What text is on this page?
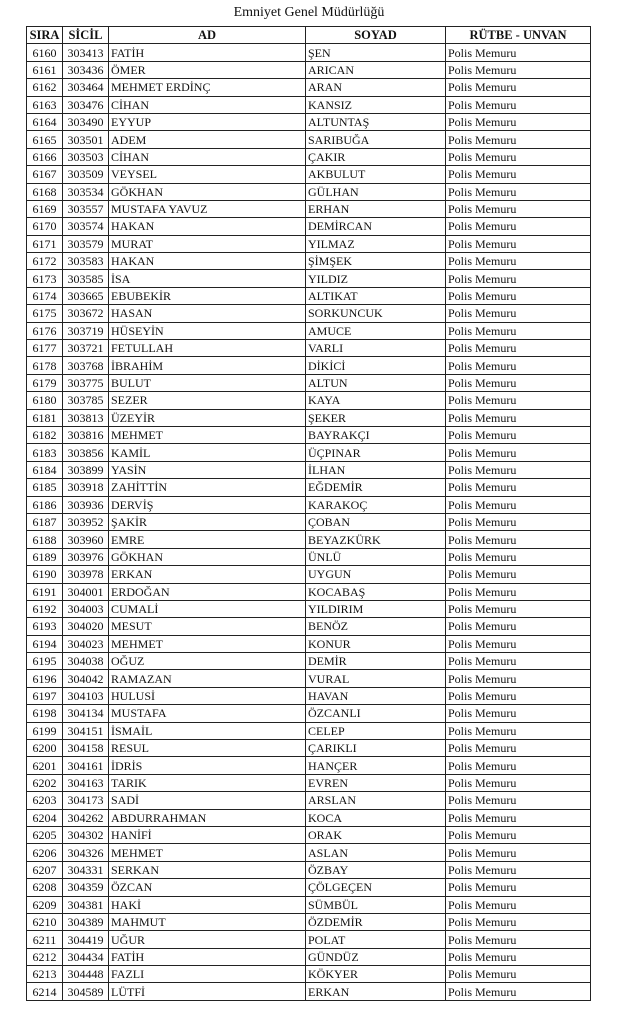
Emniyet Genel Müdürlüğü
SIRA	SİCİL	AD	SOYAD	RÜTBE - UNVAN
6160	303413	FATİH	ŞEN	Polis Memuru
6161	303436	ÖMER	ARICAN	Polis Memuru
6162	303464	MEHMET ERDİNÇ	ARAN	Polis Memuru
6163	303476	CİHAN	KANSIZ	Polis Memuru
6164	303490	EYYUP	ALTUNTAŞ	Polis Memuru
6165	303501	ADEM	SARIBUĞA	Polis Memuru
6166	303503	CİHAN	ÇAKIR	Polis Memuru
6167	303509	VEYSEL	AKBULUT	Polis Memuru
6168	303534	GÖKHAN	GÜLHAN	Polis Memuru
6169	303557	MUSTAFA YAVUZ	ERHAN	Polis Memuru
6170	303574	HAKAN	DEMİRCAN	Polis Memuru
6171	303579	MURAT	YILMAZ	Polis Memuru
6172	303583	HAKAN	ŞİMŞEK	Polis Memuru
6173	303585	İSA	YILDIZ	Polis Memuru
6174	303665	EBUBEKİR	ALTIKAT	Polis Memuru
6175	303672	HASAN	SORKUNCUK	Polis Memuru
6176	303719	HÜSEYİN	AMUCE	Polis Memuru
6177	303721	FETULLAH	VARLI	Polis Memuru
6178	303768	İBRAHİM	DİKİCİ	Polis Memuru
6179	303775	BULUT	ALTUN	Polis Memuru
6180	303785	SEZER	KAYA	Polis Memuru
6181	303813	ÜZEYİR	ŞEKER	Polis Memuru
6182	303816	MEHMET	BAYRAKÇI	Polis Memuru
6183	303856	KAMİL	ÜÇPINAR	Polis Memuru
6184	303899	YASİN	İLHAN	Polis Memuru
6185	303918	ZAHİTTİN	EĞDEMİR	Polis Memuru
6186	303936	DERVİŞ	KARAKOÇ	Polis Memuru
6187	303952	ŞAKİR	ÇOBAN	Polis Memuru
6188	303960	EMRE	BEYAZKÜRK	Polis Memuru
6189	303976	GÖKHAN	ÜNLÜ	Polis Memuru
6190	303978	ERKAN	UYGUN	Polis Memuru
6191	304001	ERDOĞAN	KOCABAŞ	Polis Memuru
6192	304003	CUMALİ	YILDIRIM	Polis Memuru
6193	304020	MESUT	BENÖZ	Polis Memuru
6194	304023	MEHMET	KONUR	Polis Memuru
6195	304038	OĞUZ	DEMİR	Polis Memuru
6196	304042	RAMAZAN	VURAL	Polis Memuru
6197	304103	HULUSİ	HAVAN	Polis Memuru
6198	304134	MUSTAFA	ÖZCANLI	Polis Memuru
6199	304151	İSMAİL	CELEP	Polis Memuru
6200	304158	RESUL	ÇARIKLI	Polis Memuru
6201	304161	İDRİS	HANÇER	Polis Memuru
6202	304163	TARIK	EVREN	Polis Memuru
6203	304173	SADİ	ARSLAN	Polis Memuru
6204	304262	ABDURRAHMAN	KOCA	Polis Memuru
6205	304302	HANİFİ	ORAK	Polis Memuru
6206	304326	MEHMET	ASLAN	Polis Memuru
6207	304331	SERKAN	ÖZBAY	Polis Memuru
6208	304359	ÖZCAN	ÇÖLGEÇEN	Polis Memuru
6209	304381	HAKİ	SÜMBÜL	Polis Memuru
6210	304389	MAHMUT	ÖZDEMİR	Polis Memuru
6211	304419	UĞUR	POLAT	Polis Memuru
6212	304434	FATİH	GÜNDÜZ	Polis Memuru
6213	304448	FAZLI	KÖKYER	Polis Memuru
6214	304589	LÜTFİ	ERKAN	Polis Memuru
